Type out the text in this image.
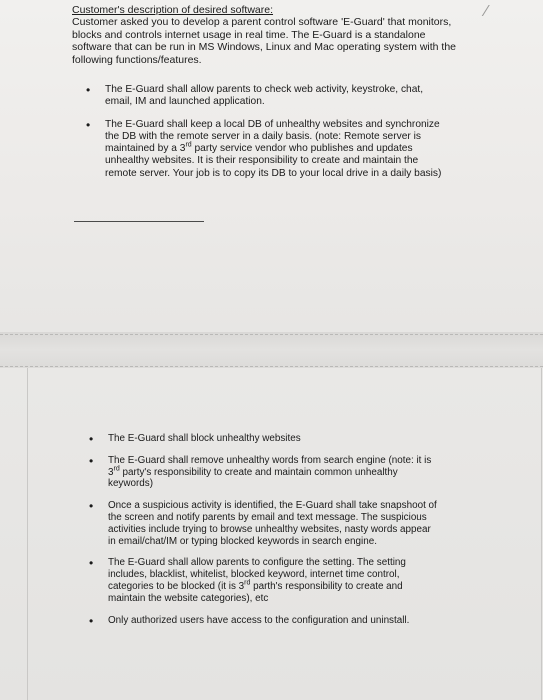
∕
Customer's description of desired software:
Customer asked you to develop a parent control software 'E-Guard' that monitors,
blocks and controls internet usage in real time. The E-Guard is a standalone
software that can be run in MS Windows, Linux and Mac operating system with the
following functions/features.
• The E-Guard shall allow parents to check web activity, keystroke, chat,
email, IM and launched application.
• The E-Guard shall keep a local DB of unhealthy websites and synchronize
the DB with the remote server in a daily basis. (note: Remote server is
maintained by a 3rd party service vendor who publishes and updates
unhealthy websites. It is their responsibility to create and maintain the
remote server. Your job is to copy its DB to your local drive in a daily basis)
• The E-Guard shall block unhealthy websites
• The E-Guard shall remove unhealthy words from search engine (note: it is
3rd party's responsibility to create and maintain common unhealthy
keywords)
• Once a suspicious activity is identified, the E-Guard shall take snapshoot of
the screen and notify parents by email and text message. The suspicious
activities include trying to browse unhealthy websites, nasty words appear
in email/chat/IM or typing blocked keywords in search engine.
• The E-Guard shall allow parents to configure the setting. The setting
includes, blacklist, whitelist, blocked keyword, internet time control,
categories to be blocked (it is 3rd parth's responsibility to create and
maintain the website categories), etc
• Only authorized users have access to the configuration and uninstall.
